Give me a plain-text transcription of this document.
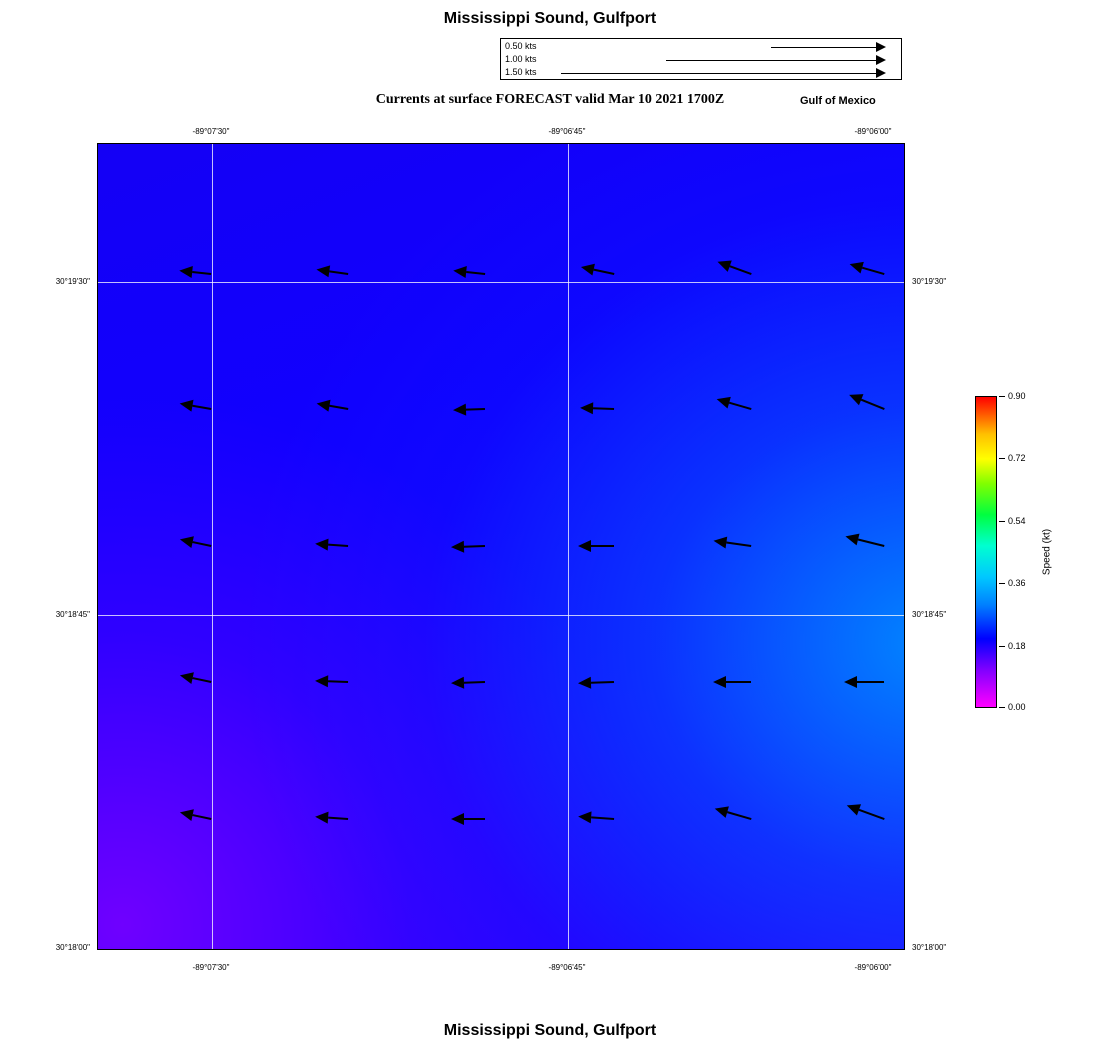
Mississippi Sound, Gulfport
0.50 kts
1.00 kts
1.50 kts
Currents at surface FORECAST valid Mar 10 2021 1700Z	Gulf of Mexico
-89°07'30"	-89°06'45"	-89°06'00"
-89°07'30"	-89°06'45"	-89°06'00"
30°19'30"
30°18'45"
30°18'00"
30°19'30"
30°18'45"
30°18'00"
0.90
0.72
0.54
0.36
0.18
0.00
Speed (kt)
Mississippi Sound, Gulfport
